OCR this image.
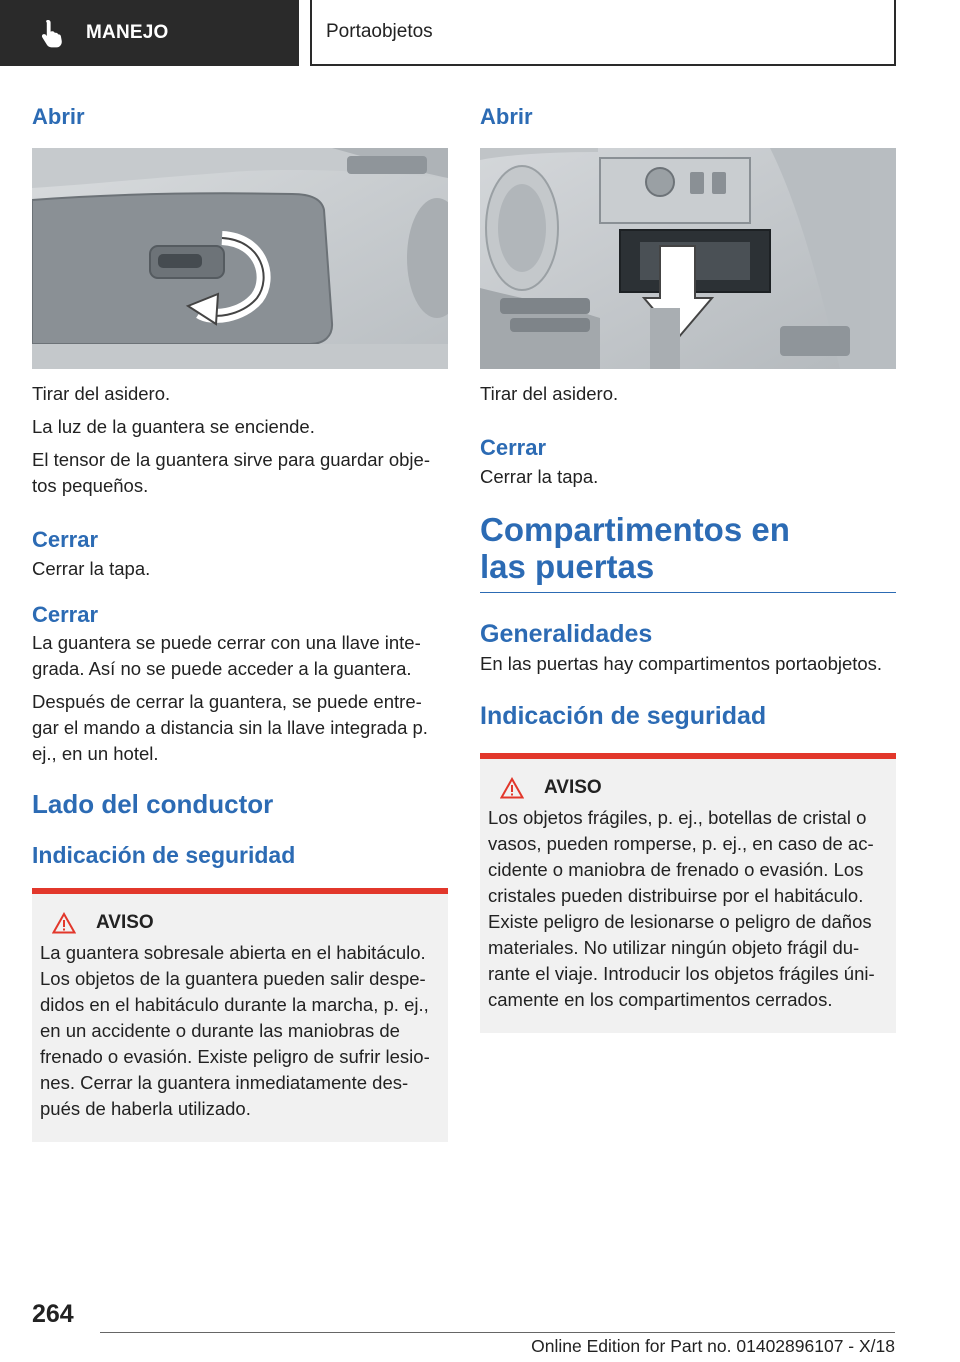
MANEJO	Portaobjetos
Abrir

Tirar del asidero.

La luz de la guantera se enciende.

El tensor de la guantera sirve para guardar obje-tos pequeños.

Cerrar

Cerrar la tapa.

Cerrar

La guantera se puede cerrar con una llave inte-grada. Así no se puede acceder a la guantera.

Después de cerrar la guantera, se puede entre-gar el mando a distancia sin la llave integrada p. ej., en un hotel.

Lado del conductor
Indicación de seguridad
AVISO

La guantera sobresale abierta en el habitáculo. Los objetos de la guantera pueden salir despe-didos en el habitáculo durante la marcha, p. ej., en un accidente o durante las maniobras de frenado o evasión. Existe peligro de sufrir lesio-nes. Cerrar la guantera inmediatamente des-pués de haberla utilizado.

Abrir

Tirar del asidero.

Cerrar

Cerrar la tapa.

Compartimentos en las puertas
Generalidades

En las puertas hay compartimentos portaobjetos.

Indicación de seguridad
AVISO

Los objetos frágiles, p. ej., botellas de cristal o vasos, pueden romperse, p. ej., en caso de ac-cidente o maniobra de frenado o evasión. Los cristales pueden distribuirse por el habitáculo. Existe peligro de lesionarse o peligro de daños materiales. No utilizar ningún objeto frágil du-rante el viaje. Introducir los objetos frágiles úni-camente en los compartimentos cerrados.

264
Online Edition for Part no. 01402896107 - X/18
